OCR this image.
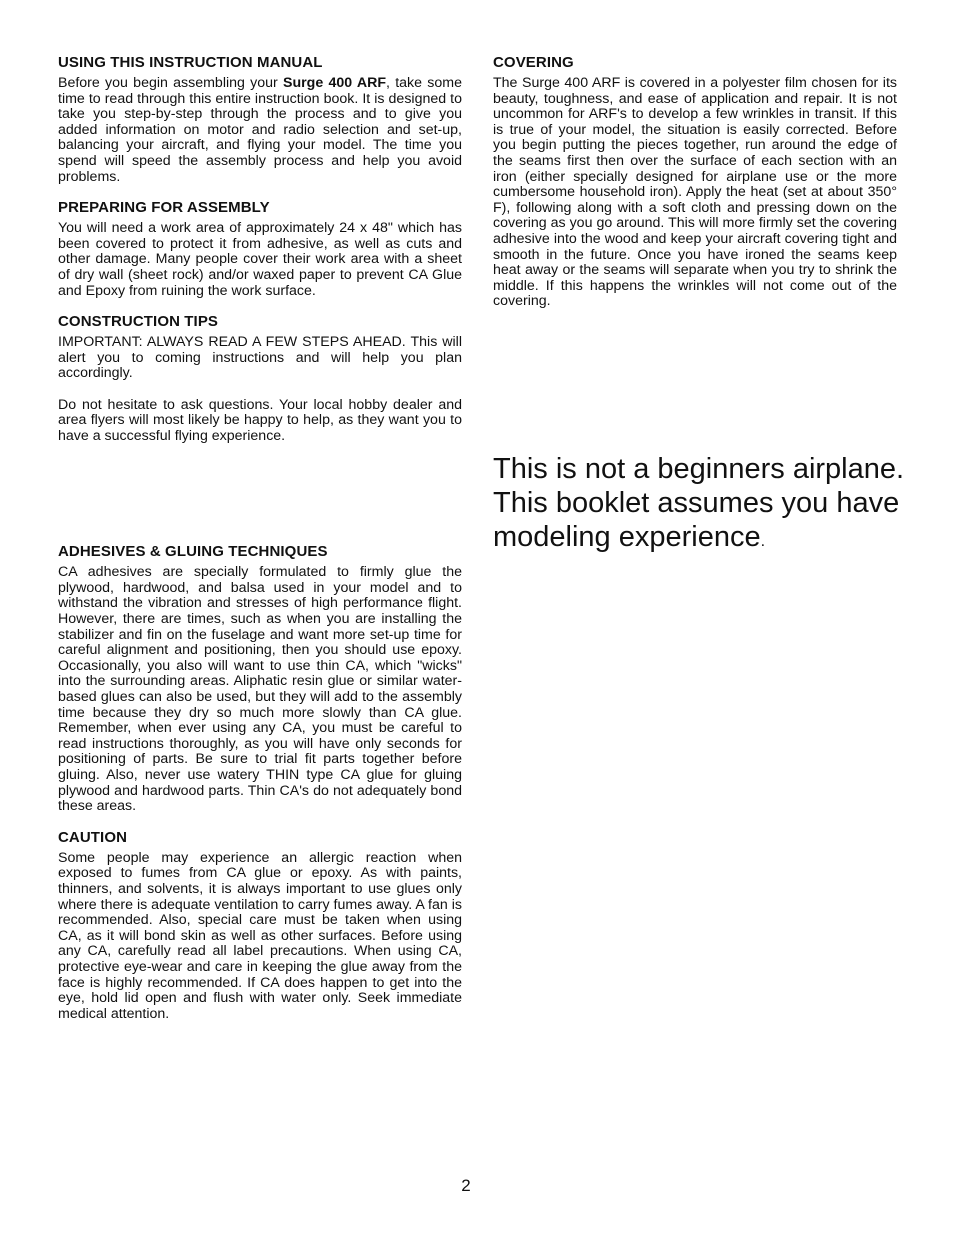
USING THIS INSTRUCTION MANUAL

Before you begin assembling your Surge 400 ARF, take some time to read through this entire instruction book. It is designed to take you step-by-step through the process and to give you added information on motor and radio selection and set-up, balancing your aircraft, and flying your model. The time you spend will speed the assembly process and help you avoid problems.

PREPARING FOR ASSEMBLY

You will need a work area of approximately 24 x 48" which has been covered to protect it from adhesive, as well as cuts and other damage. Many people cover their work area with a sheet of dry wall (sheet rock) and/or waxed paper to prevent CA Glue and Epoxy from ruining the work surface.

CONSTRUCTION TIPS

IMPORTANT: ALWAYS READ A FEW STEPS AHEAD. This will alert you to coming instructions and will help you plan accordingly.

Do not hesitate to ask questions. Your local hobby dealer and area flyers will most likely be happy to help, as they want you to have a successful flying experience.

ADHESIVES & GLUING TECHNIQUES

CA adhesives are specially formulated to firmly glue the plywood, hardwood, and balsa used in your model and to withstand the vibration and stresses of high performance flight. However, there are times, such as when you are installing the stabilizer and fin on the fuselage and want more set-up time for careful alignment and positioning, then you should use epoxy. Occasionally, you also will want to use thin CA, which "wicks" into the surrounding areas. Aliphatic resin glue or similar water-based glues can also be used, but they will add to the assembly time because they dry so much more slowly than CA glue. Remember, when ever using any CA, you must be careful to read instructions thoroughly, as you will have only seconds for positioning of parts. Be sure to trial fit parts together before gluing. Also, never use watery THIN type CA glue for gluing plywood and hardwood parts. Thin CA's do not adequately bond these areas.

CAUTION

Some people may experience an allergic reaction when exposed to fumes from CA glue or epoxy. As with paints, thinners, and solvents, it is always important to use glues only where there is adequate ventilation to carry fumes away. A fan is recommended. Also, special care must be taken when using CA, as it will bond skin as well as other surfaces. Before using any CA, carefully read all label precautions. When using CA, protective eye-wear and care in keeping the glue away from the face is highly recommended. If CA does happen to get into the eye, hold lid open and flush with water only. Seek immediate medical attention.

COVERING

The Surge 400 ARF is covered in a polyester film chosen for its beauty, toughness, and ease of application and repair. It is not uncommon for ARF's to develop a few wrinkles in transit. If this is true of your model, the situation is easily corrected. Before you begin putting the pieces together, run around the edge of the seams first then over the surface of each section with an iron (either specially designed for airplane use or the more cumbersome household iron). Apply the heat (set at about 350° F), following along with a soft cloth and pressing down on the covering as you go around. This will more firmly set the covering adhesive into the wood and keep your aircraft covering tight and smooth in the future. Once you have ironed the seams keep heat away or the seams will separate when you try to shrink the middle. If this happens the wrinkles will not come out of the covering.

This is not a beginners airplane. This booklet assumes you have modeling experience.

2
